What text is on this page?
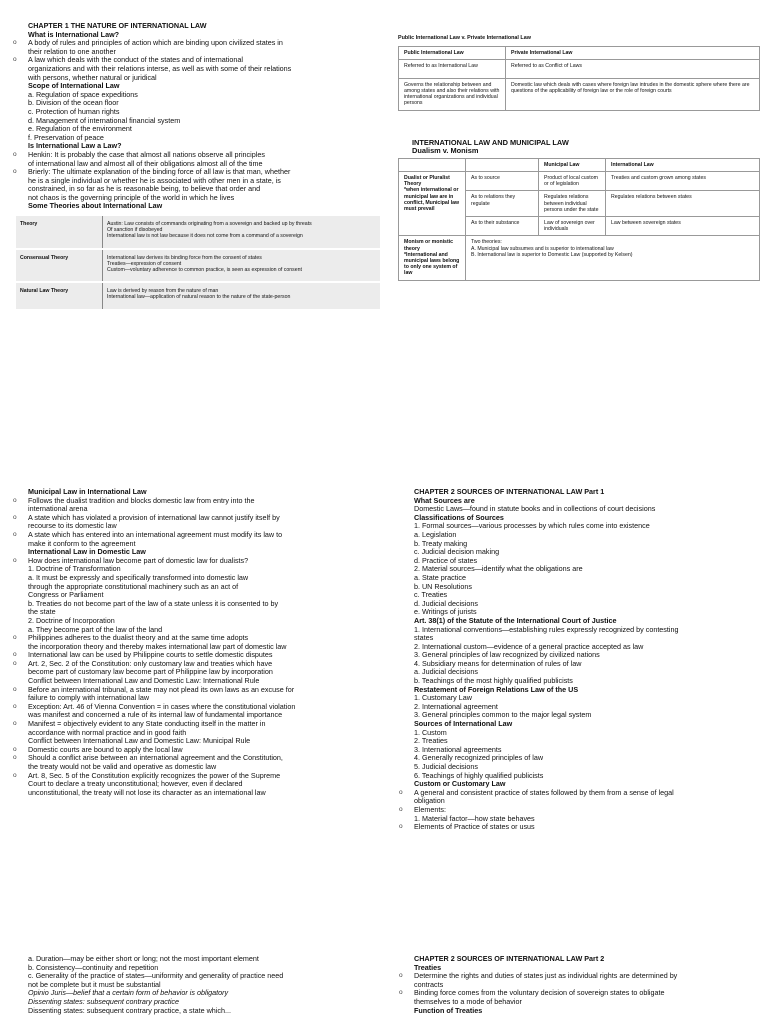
CHAPTER 1 THE NATURE OF INTERNATIONAL LAW
What is International Law?
o A body of rules and principles of action which are binding upon civilized states in
their relation to one another
o A law which deals with the conduct of the states and of international
organizations and with their relations interse, as well as with some of their relations
with persons, whether natural or juridical
Scope of International Law
a. Regulation of space expeditions
b. Division of the ocean floor
c. Protection of human rights
d. Management of international financial system
e. Regulation of the environment
f. Preservation of peace
Is International Law a Law?
o Henkin: It is probably the case that almost all nations observe all principles
of international law and almost all of their obligations almost all of the time
o Brierly: The ultimate explanation of the binding force of all law is that man, whether
he is a single individual or whether he is associated with other men in a state, is
constrained, in so far as he is reasonable being, to believe that order and
not chaos is the governing principle of the world in which he lives
Some Theories about International Law
Theory	Austin: Law consists of commands originating from a sovereign and backed up by threats
Of sanction if disobeyed
International law is not law because it does not come from a command of a sovereign

Consensual Theory	International law derives its binding force from the consent of states
Treaties—expression of consent
Custom—voluntary adherence to common practice, is seen as expression of consent

Natural Law Theory	Law is derived by reason from the nature of man
International law—application of natural reason to the nature of the state-person
Public International Law v. Private International Law
Public International Law	Private International Law
Referred to as International Law	Referred to as Conflict of Laws
Governs the relationship between and among states and also their relations with international organizations and individual persons	Domestic law which deals with cases where foreign law intrudes in the domestic sphere where there are questions of the applicability of foreign law or the role of foreign courts
INTERNATIONAL LAW AND MUNICIPAL LAW
Dualism v. Monism
		Municipal Law	International Law
Dualist or Pluralist Theory
*when international or municipal law are in conflict, Municipal law must prevail	As to source	Product of local custom or of legislation	Treaties and custom grown among states
	As to relations they regulate	Regulates relations between individual persons under the state	Regulates relations between states
	As to their substance	Law of sovereign over individuals	Law between sovereign states
Monism or monistic theory
*International and municipal laws belong to only one system of law	Two theories:
A. Municipal law subsumes and is superior to international law
B. International law is superior to Domestic Law (supported by Kelsen)		
Municipal Law in International Law
o Follows the dualist tradition and blocks domestic law from entry into the
international arena
o A state which has violated a provision of international law cannot justify itself by
recourse to its domestic law
o A state which has entered into an international agreement must modify its law to
make it conform to the agreement
International Law in Domestic Law
o How does international law become part of domestic law for dualists?
1. Doctrine of Transformation
a. It must be expressly and specifically transformed into domestic law
through the appropriate constitutional machinery such as an act of
Congress or Parliament
b. Treaties do not become part of the law of a state unless it is consented to by
the state
2. Doctrine of Incorporation
a. They become part of the law of the land
o Philippines adheres to the dualist theory and at the same time adopts
the incorporation theory and thereby makes international law part of domestic law
o International law can be used by Philippine courts to settle domestic disputes
o Art. 2, Sec. 2 of the Constitution: only customary law and treaties which have
become part of customary law become part of Philippine law by incorporation
Conflict between International Law and Domestic Law: International Rule
o Before an international tribunal, a state may not plead its own laws as an excuse for
failure to comply with international law
o Exception: Art. 46 of Vienna Convention = in cases where the constitutional violation
was manifest and concerned a rule of its internal law of fundamental importance
o Manifest = objectively evident to any State conducting itself in the matter in
accordance with normal practice and in good faith
Conflict between International Law and Domestic Law: Municipal Rule
o Domestic courts are bound to apply the local law
o Should a conflict arise between an international agreement and the Constitution,
the treaty would not be valid and operative as domestic law
o Art. 8, Sec. 5 of the Constitution explicitly recognizes the power of the Supreme
Court to declare a treaty unconstitutional; however, even if declared
unconstitutional, the treaty will not lose its character as an international law
CHAPTER 2 SOURCES OF INTERNATIONAL LAW Part 1
What Sources are
Domestic Laws—found in statute books and in collections of court decisions
Classifications of Sources
1. Formal sources—various processes by which rules come into existence
a. Legislation
b. Treaty making
c. Judicial decision making
d. Practice of states
2. Material sources—identify what the obligations are
a. State practice
b. UN Resolutions
c. Treaties
d. Judicial decisions
e. Writings of jurists
Art. 38(1) of the Statute of the International Court of Justice
1. International conventions—establishing rules expressly recognized by contesting
states
2. International custom—evidence of a general practice accepted as law
3. General principles of law recognized by civilized nations
4. Subsidiary means for determination of rules of law
a. Judicial decisions
b. Teachings of the most highly qualified publicists
Restatement of Foreign Relations Law of the US
1. Customary Law
2. International agreement
3. General principles common to the major legal system
Sources of International Law
1. Custom
2. Treaties
3. International agreements
4. Generally recognized principles of law
5. Judicial decisions
6. Teachings of highly qualified publicists
Custom or Customary Law
o A general and consistent practice of states followed by them from a sense of legal
obligation
o Elements:
1. Material factor—how state behaves
o Elements of Practice of states or usus
a. Duration—may be either short or long; not the most important element
b. Consistency—continuity and repetition
c. Generality of the practice of states—uniformity and generality of practice need
not be complete but it must be substantial
Opinio Juris—belief that a certain form of behavior is obligatory
Dissenting states: subsequent contrary practice
Dissenting states: subsequent contrary practice, a state which...
CHAPTER 2 SOURCES OF INTERNATIONAL LAW Part 2
Treaties
o Determine the rights and duties of states just as individual rights are determined by
contracts
o Binding force comes from the voluntary decision of sovereign states to obligate
themselves to a mode of behavior
Function of Treaties
